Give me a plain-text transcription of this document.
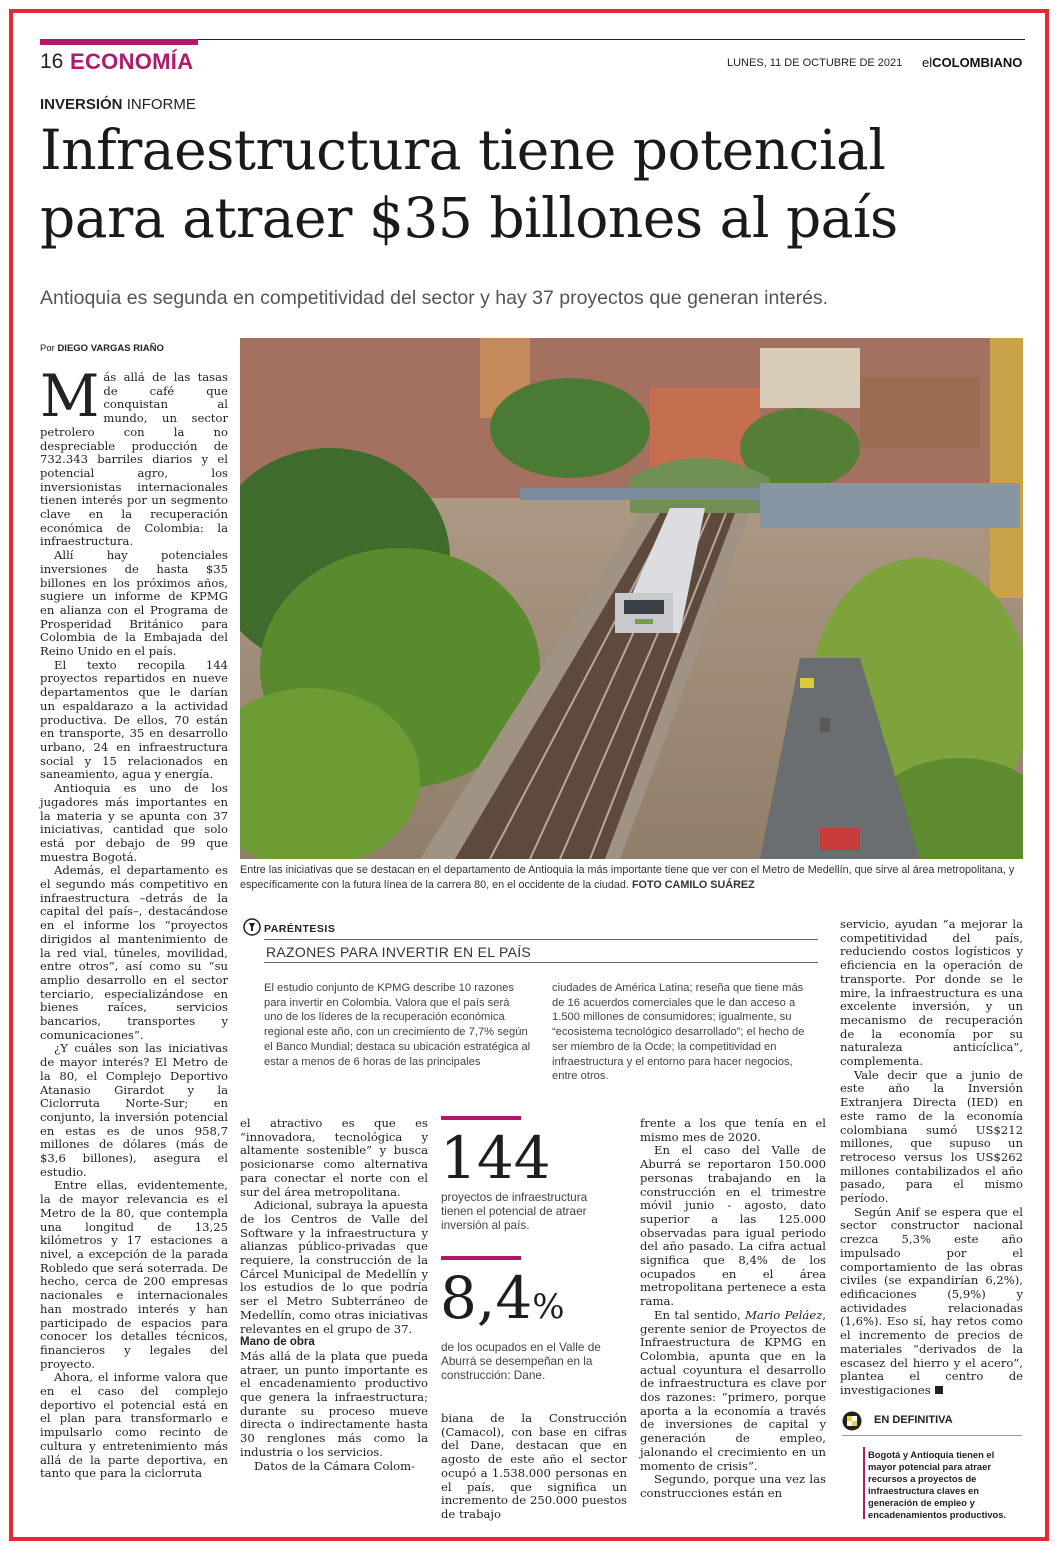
16 ECONOMÍA	LUNES, 11 DE OCTUBRE DE 2021 elCOLOMBIANO
INVERSIÓN INFORME
Infraestructura tiene potencial
para atraer $35 billones al país
Antioquia es segunda en competitividad del sector y hay 37 proyectos que generan interés.
Por DIEGO VARGAS RIAÑO

Más allá de las tasas de café que conquistan al mundo, un sector petrolero con la no despreciable producción de 732.343 barriles diarios y el potencial agro, los inversionistas internacionales tienen interés por un segmento clave en la recuperación económica de Colombia: la infraestructura.

Allí hay potenciales inversiones de hasta $35 billones en los próximos años, sugiere un informe de KPMG en alianza con el Programa de Prosperidad Británico para Colombia de la Embajada del Reino Unido en el país.

El texto recopila 144 proyectos repartidos en nueve departamentos que le darían un espaldarazo a la actividad productiva. De ellos, 70 están en transporte, 35 en desarrollo urbano, 24 en infraestructura social y 15 relacionados en saneamiento, agua y energía.

Antioquia es uno de los jugadores más importantes en la materia y se apunta con 37 iniciativas, cantidad que solo está por debajo de 99 que muestra Bogotá.

Además, el departamento es el segundo más competitivo en infraestructura –detrás de la capital del país–, destacándose en el informe los “proyectos dirigidos al mantenimiento de la red vial, túneles, movilidad, entre otros”, así como su “su amplio desarrollo en el sector terciario, especializándose en bienes raíces, servicios bancarios, transportes y comunicaciones”.

¿Y cuáles son las iniciativas de mayor interés? El Metro de la 80, el Complejo Deportivo Atanasio Girardot y la Ciclorruta Norte-Sur; en conjunto, la inversión potencial en estas es de unos 958,7 millones de dólares (más de $3,6 billones), asegura el estudio.

Entre ellas, evidentemente, la de mayor relevancia es el Metro de la 80, que contempla una longitud de 13,25 kilómetros y 17 estaciones a nivel, a excepción de la parada Robledo que será soterrada. De hecho, cerca de 200 empresas nacionales e internacionales han mostrado interés y han participado de espacios para conocer los detalles técnicos, financieros y legales del proyecto.

Ahora, el informe valora que en el caso del complejo deportivo el potencial está en el plan para transformarlo e impulsarlo como recinto de cultura y entretenimiento más allá de la parte deportiva, en tanto que para la ciclorruta

Entre las iniciativas que se destacan en el departamento de Antioquia la más importante tiene que ver con el Metro de Medellín, que sirve al área metropolitana, y específicamente con la futura línea de la carrera 80, en el occidente de la ciudad. FOTO CAMILO SUÁREZ
PARÉNTESIS
RAZONES PARA INVERTIR EN EL PAÍS
El estudio conjunto de KPMG describe 10 razones para invertir en Colombia. Valora que el país será uno de los líderes de la recuperación económica regional este año, con un crecimiento de 7,7% según el Banco Mundial; destaca su ubicación estratégica al estar a menos de 6 horas de las principales
ciudades de América Latina; reseña que tiene más de 16 acuerdos comerciales que le dan acceso a 1.500 millones de consumidores; igualmente, su “ecosistema tecnológico desarrollado”; el hecho de ser miembro de la Ocde; la competitividad en infraestructura y el entorno para hacer negocios, entre otros.

el atractivo es que es “innovadora, tecnológica y altamente sostenible” y busca posicionarse como alternativa para conectar el norte con el sur del área metropolitana.

Adicional, subraya la apuesta de los Centros de Valle del Software y la infraestructura y alianzas público-privadas que requiere, la construcción de la Cárcel Municipal de Medellín y los estudios de lo que podría ser el Metro Subterráneo de Medellín, como otras iniciativas relevantes en el grupo de 37.

Mano de obra

Más allá de la plata que pueda atraer, un punto importante es el encadenamiento productivo que genera la infraestructura; durante su proceso mueve directa o indirectamente hasta 30 renglones más como la industria o los servicios.

Datos de la Cámara Colom-

144
proyectos de infraestructura tienen el potencial de atraer inversión al país.
8,4%
de los ocupados en el Valle de Aburrá se desempeñan en la construcción: Dane.

biana de la Construcción (Camacol), con base en cifras del Dane, destacan que en agosto de este año el sector ocupó a 1.538.000 personas en el país, que significa un incremento de 250.000 puestos de trabajo

frente a los que tenía en el mismo mes de 2020.

En el caso del Valle de Aburrá se reportaron 150.000 personas trabajando en la construcción en el trimestre móvil junio - agosto, dato superior a las 125.000 observadas para igual periodo del año pasado. La cifra actual significa que 8,4% de los ocupados en el área metropolitana pertenece a esta rama.

En tal sentido, Mario Peláez, gerente senior de Proyectos de Infraestructura de KPMG en Colombia, apunta que en la actual coyuntura el desarrollo de infraestructura es clave por dos razones: “primero, porque aporta a la economía a través de inversiones de capital y generación de empleo, jalonando el crecimiento en un momento de crisis”.

Segundo, porque una vez las construcciones están en

servicio, ayudan “a mejorar la competitividad del país, reduciendo costos logísticos y eficiencia en la operación de transporte. Por donde se le mire, la infraestructura es una excelente inversión, y un mecanismo de recuperación de la economía por su naturaleza anticíclica”, complementa.

Vale decir que a junio de este año la Inversión Extranjera Directa (IED) en este ramo de la economía colombiana sumó US$212 millones, que supuso un retroceso versus los US$262 millones contabilizados el año pasado, para el mismo período.

Según Anif se espera que el sector constructor nacional crezca 5,3% este año impulsado por el comportamiento de las obras civiles (se expandirían 6,2%), edificaciones (5,9%) y actividades relacionadas (1,6%). Eso sí, hay retos como el incremento de precios de materiales “derivados de la escasez del hierro y el acero”, plantea el centro de investigaciones

EN DEFINITIVA
Bogotá y Antioquia tienen el mayor potencial para atraer recursos a proyectos de infraestructura claves en generación de empleo y encadenamientos productivos.
